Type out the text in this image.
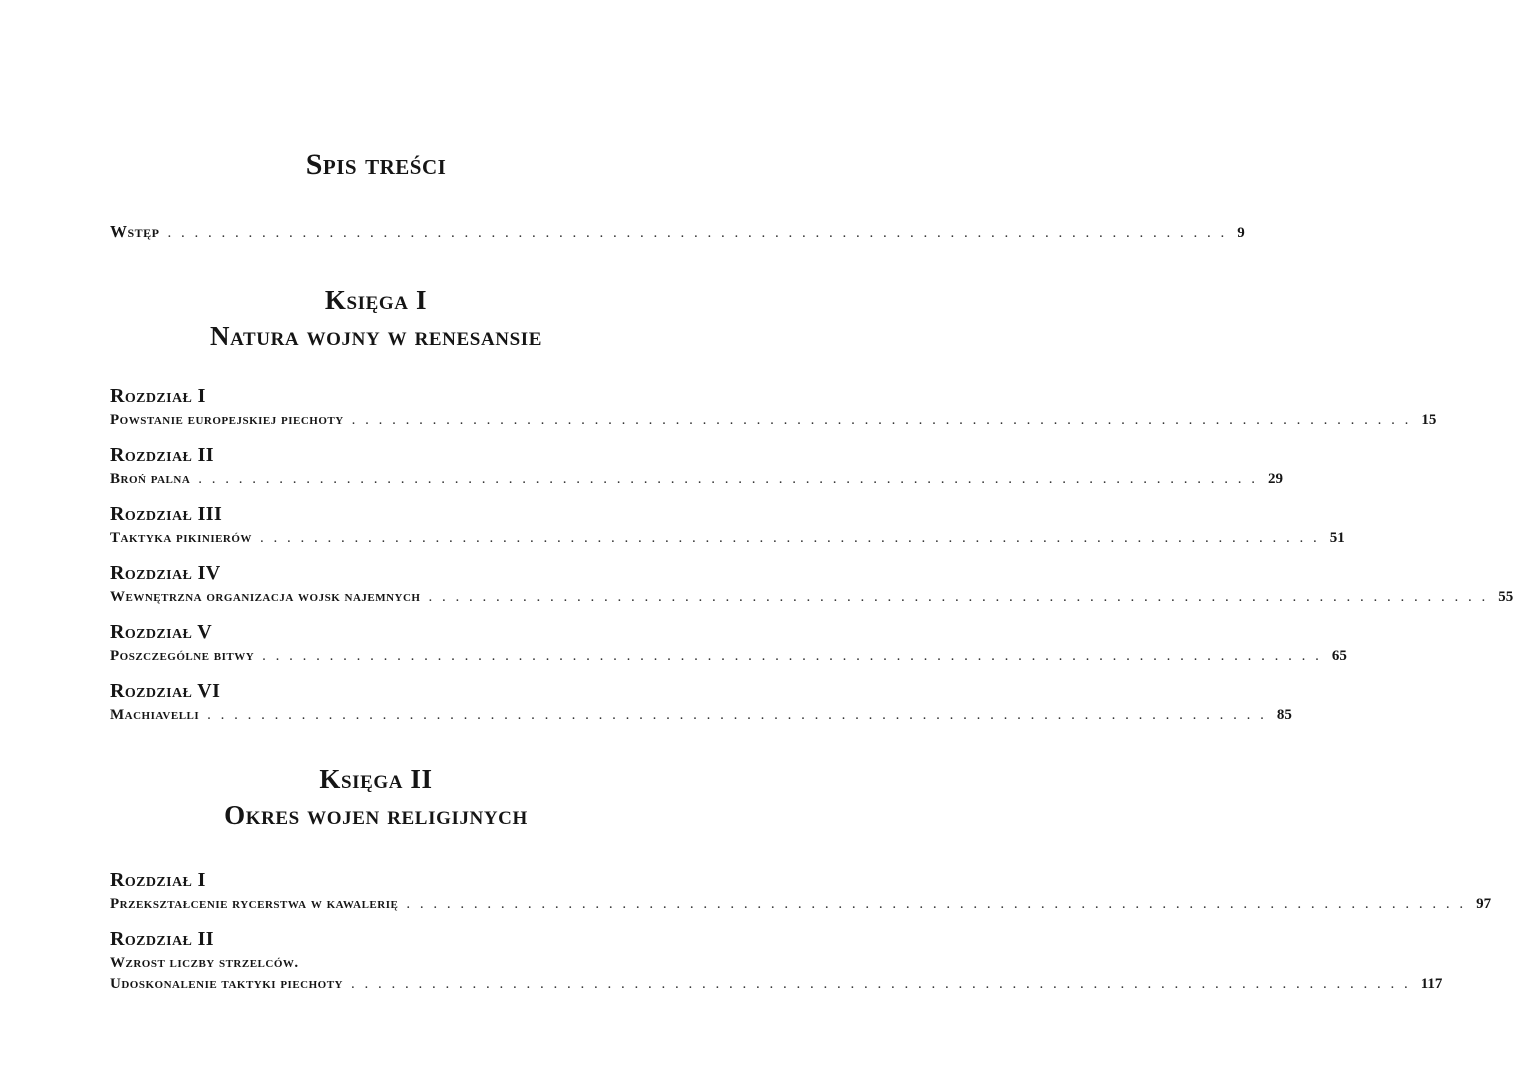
Spis treści
Wstęp . . . . . . . . . . . . . . . . . . . . . . . . . . . . . . . . . . . . . . . . . . . . . . . . . . . . . . . . . . . . . . . . . . . . . . . . . . . . . . . 9
Księga I
Natura wojny w renesansie
Rozdział I
Powstanie europejskiej piechoty . . . . . . . . . . . . . . . . . . . . . . . . . . . . . . . . . . . . . . . . . . . . . . . . . . . . . . . . . . . . . . . . . . . . . . . . . . . . . . . 15
Rozdział II
Broń palna . . . . . . . . . . . . . . . . . . . . . . . . . . . . . . . . . . . . . . . . . . . . . . . . . . . . . . . . . . . . . . . . . . . . . . . . . . . . . . . 29
Rozdział III
Taktyka pikinierów . . . . . . . . . . . . . . . . . . . . . . . . . . . . . . . . . . . . . . . . . . . . . . . . . . . . . . . . . . . . . . . . . . . . . . . . . . . . . . . 51
Rozdział IV
Wewnętrzna organizacja wojsk najemnych . . . . . . . . . . . . . . . . . . . . . . . . . . . . . . . . . . . . . . . . . . . . . . . . . . . . . . . . . . . . . . . . . . . . . . . . . . . . . . . 55
Rozdział V
Poszczególne bitwy . . . . . . . . . . . . . . . . . . . . . . . . . . . . . . . . . . . . . . . . . . . . . . . . . . . . . . . . . . . . . . . . . . . . . . . . . . . . . . . 65
Rozdział VI
Machiavelli . . . . . . . . . . . . . . . . . . . . . . . . . . . . . . . . . . . . . . . . . . . . . . . . . . . . . . . . . . . . . . . . . . . . . . . . . . . . . . . 85
Księga II
Okres wojen religijnych
Rozdział I
Przekształcenie rycerstwa w kawalerię . . . . . . . . . . . . . . . . . . . . . . . . . . . . . . . . . . . . . . . . . . . . . . . . . . . . . . . . . . . . . . . . . . . . . . . . . . . . . . . 97
Rozdział II
Wzrost liczby strzelców.
Udoskonalenie taktyki piechoty . . . . . . . . . . . . . . . . . . . . . . . . . . . . . . . . . . . . . . . . . . . . . . . . . . . . . . . . . . . . . . . . . . . . . . . . . . . . . . . 117
